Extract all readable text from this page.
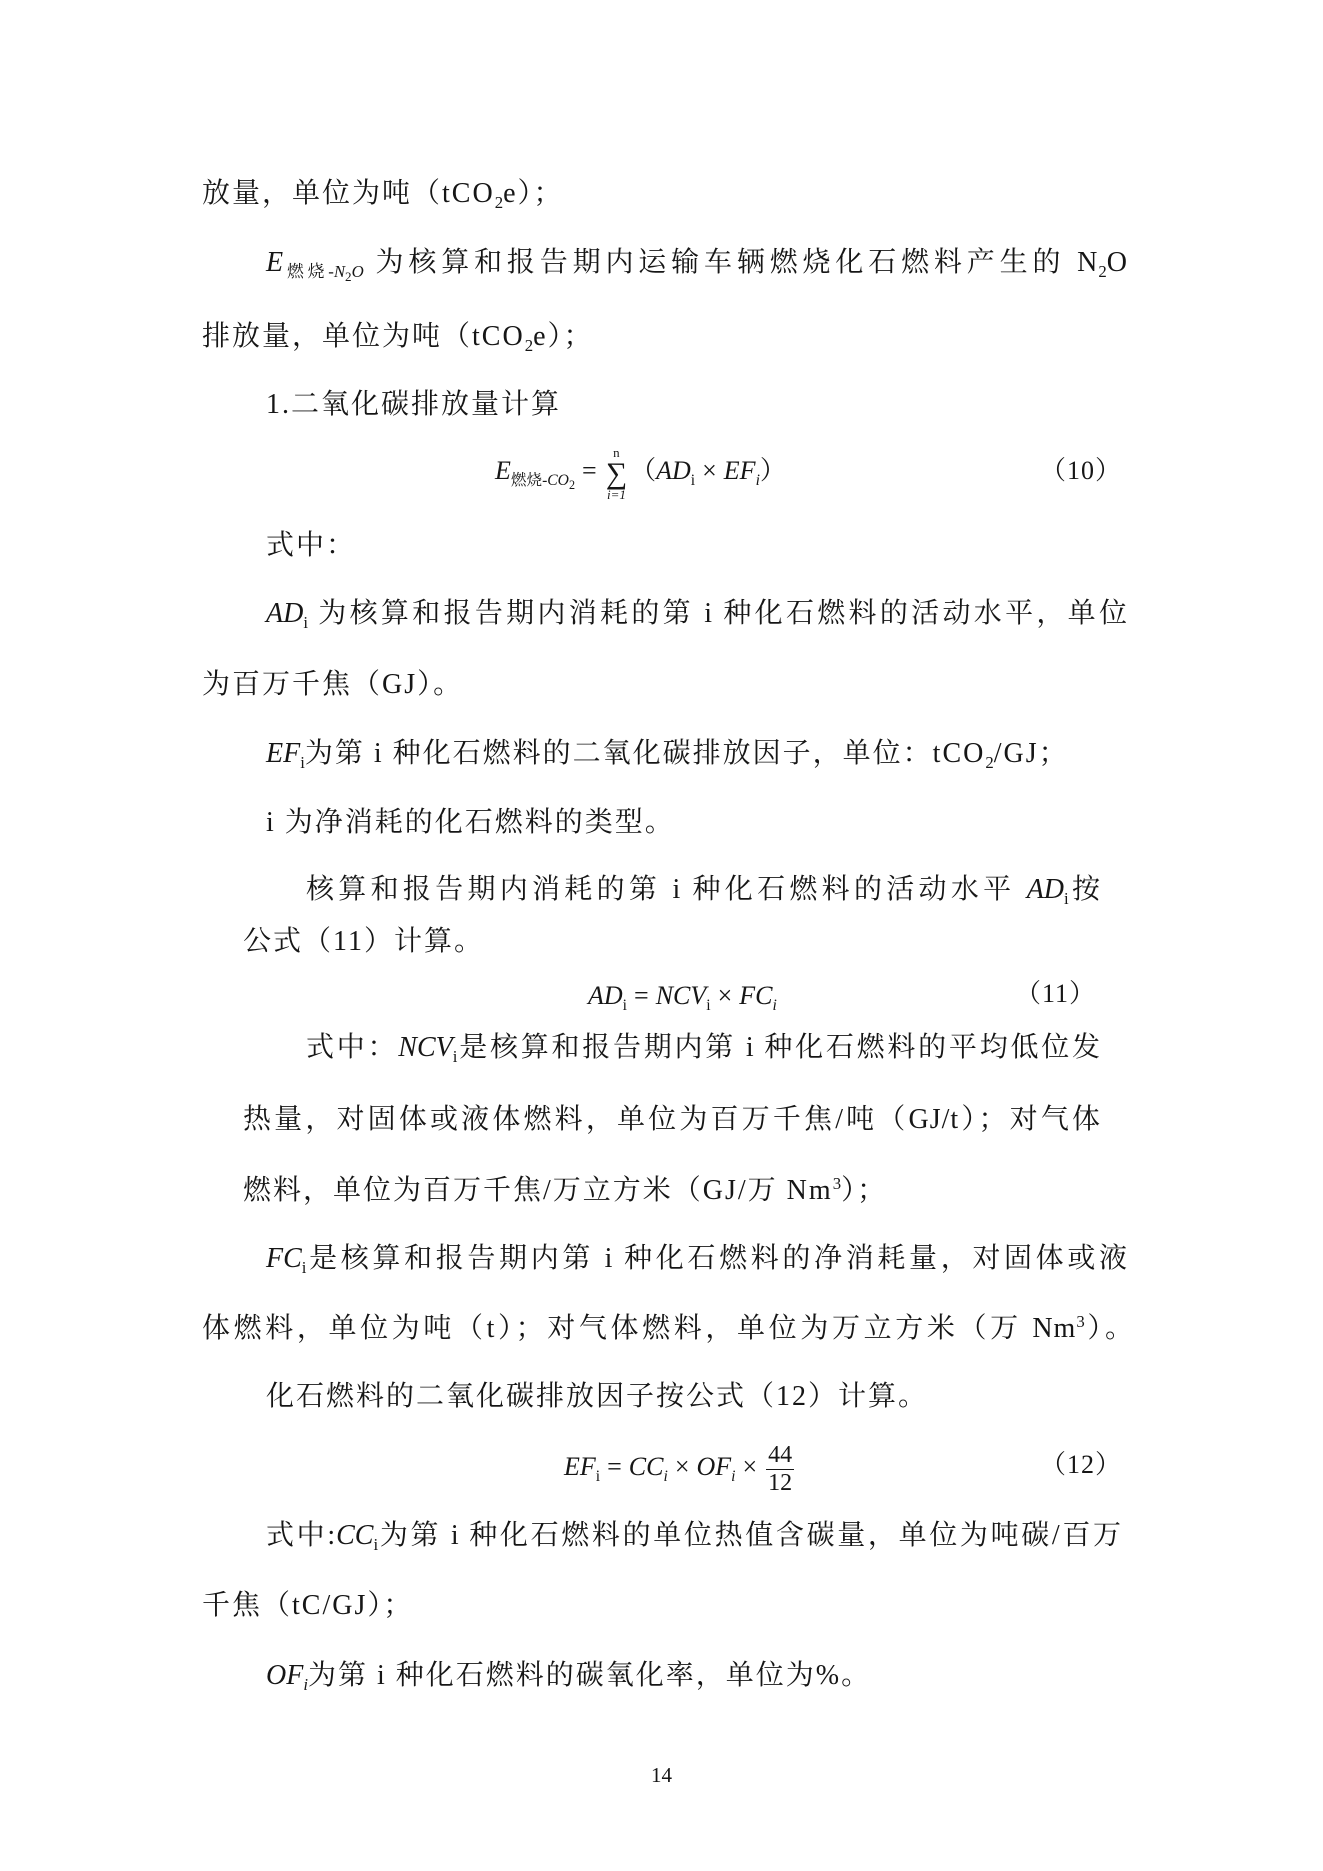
放量，单位为吨（tCO$_2$e）；
$E_{燃烧-N_2O}$ 为核算和报告期内运输车辆燃烧化石燃料产生的 $N_2O$
排放量，单位为吨（tCO$_2$e）；
1.二氧化碳排放量计算
$E_{燃烧-CO_2}$ =
n
∑
i=1
$(AD_i \times EF_i)$	（10）
式中：
$AD_i$ 为核算和报告期内消耗的第 i 种化石燃料的活动水平，单位
为百万千焦（GJ）。
$EF_i$为第 i 种化石燃料的二氧化碳排放因子，单位：tCO$_2$/GJ；
i 为净消耗的化石燃料的类型。
核算和报告期内消耗的第 i 种化石燃料的活动水平 $AD_i$按
公式（11）计算。
$AD_i = NCV_i \times FC_i$	（11）
式中：$NCV_i$是核算和报告期内第 i 种化石燃料的平均低位发
热量，对固体或液体燃料，单位为百万千焦/吨（GJ/t）；对气体
燃料，单位为百万千焦/万立方米（GJ/万 Nm$^3$）；
$FC_i$是核算和报告期内第 i 种化石燃料的净消耗量，对固体或液
体燃料，单位为吨（t）；对气体燃料，单位为万立方米（万 Nm$^3$）。
化石燃料的二氧化碳排放因子按公式（12）计算。
$EF_i = CC_i \times OF_i \times \frac{44}{12}$	（12）
式中$:CC_i$为第 i 种化石燃料的单位热值含碳量，单位为吨碳/百万
千焦（tC/GJ）；
$OF_i$为第 i 种化石燃料的碳氧化率，单位为%。
14
